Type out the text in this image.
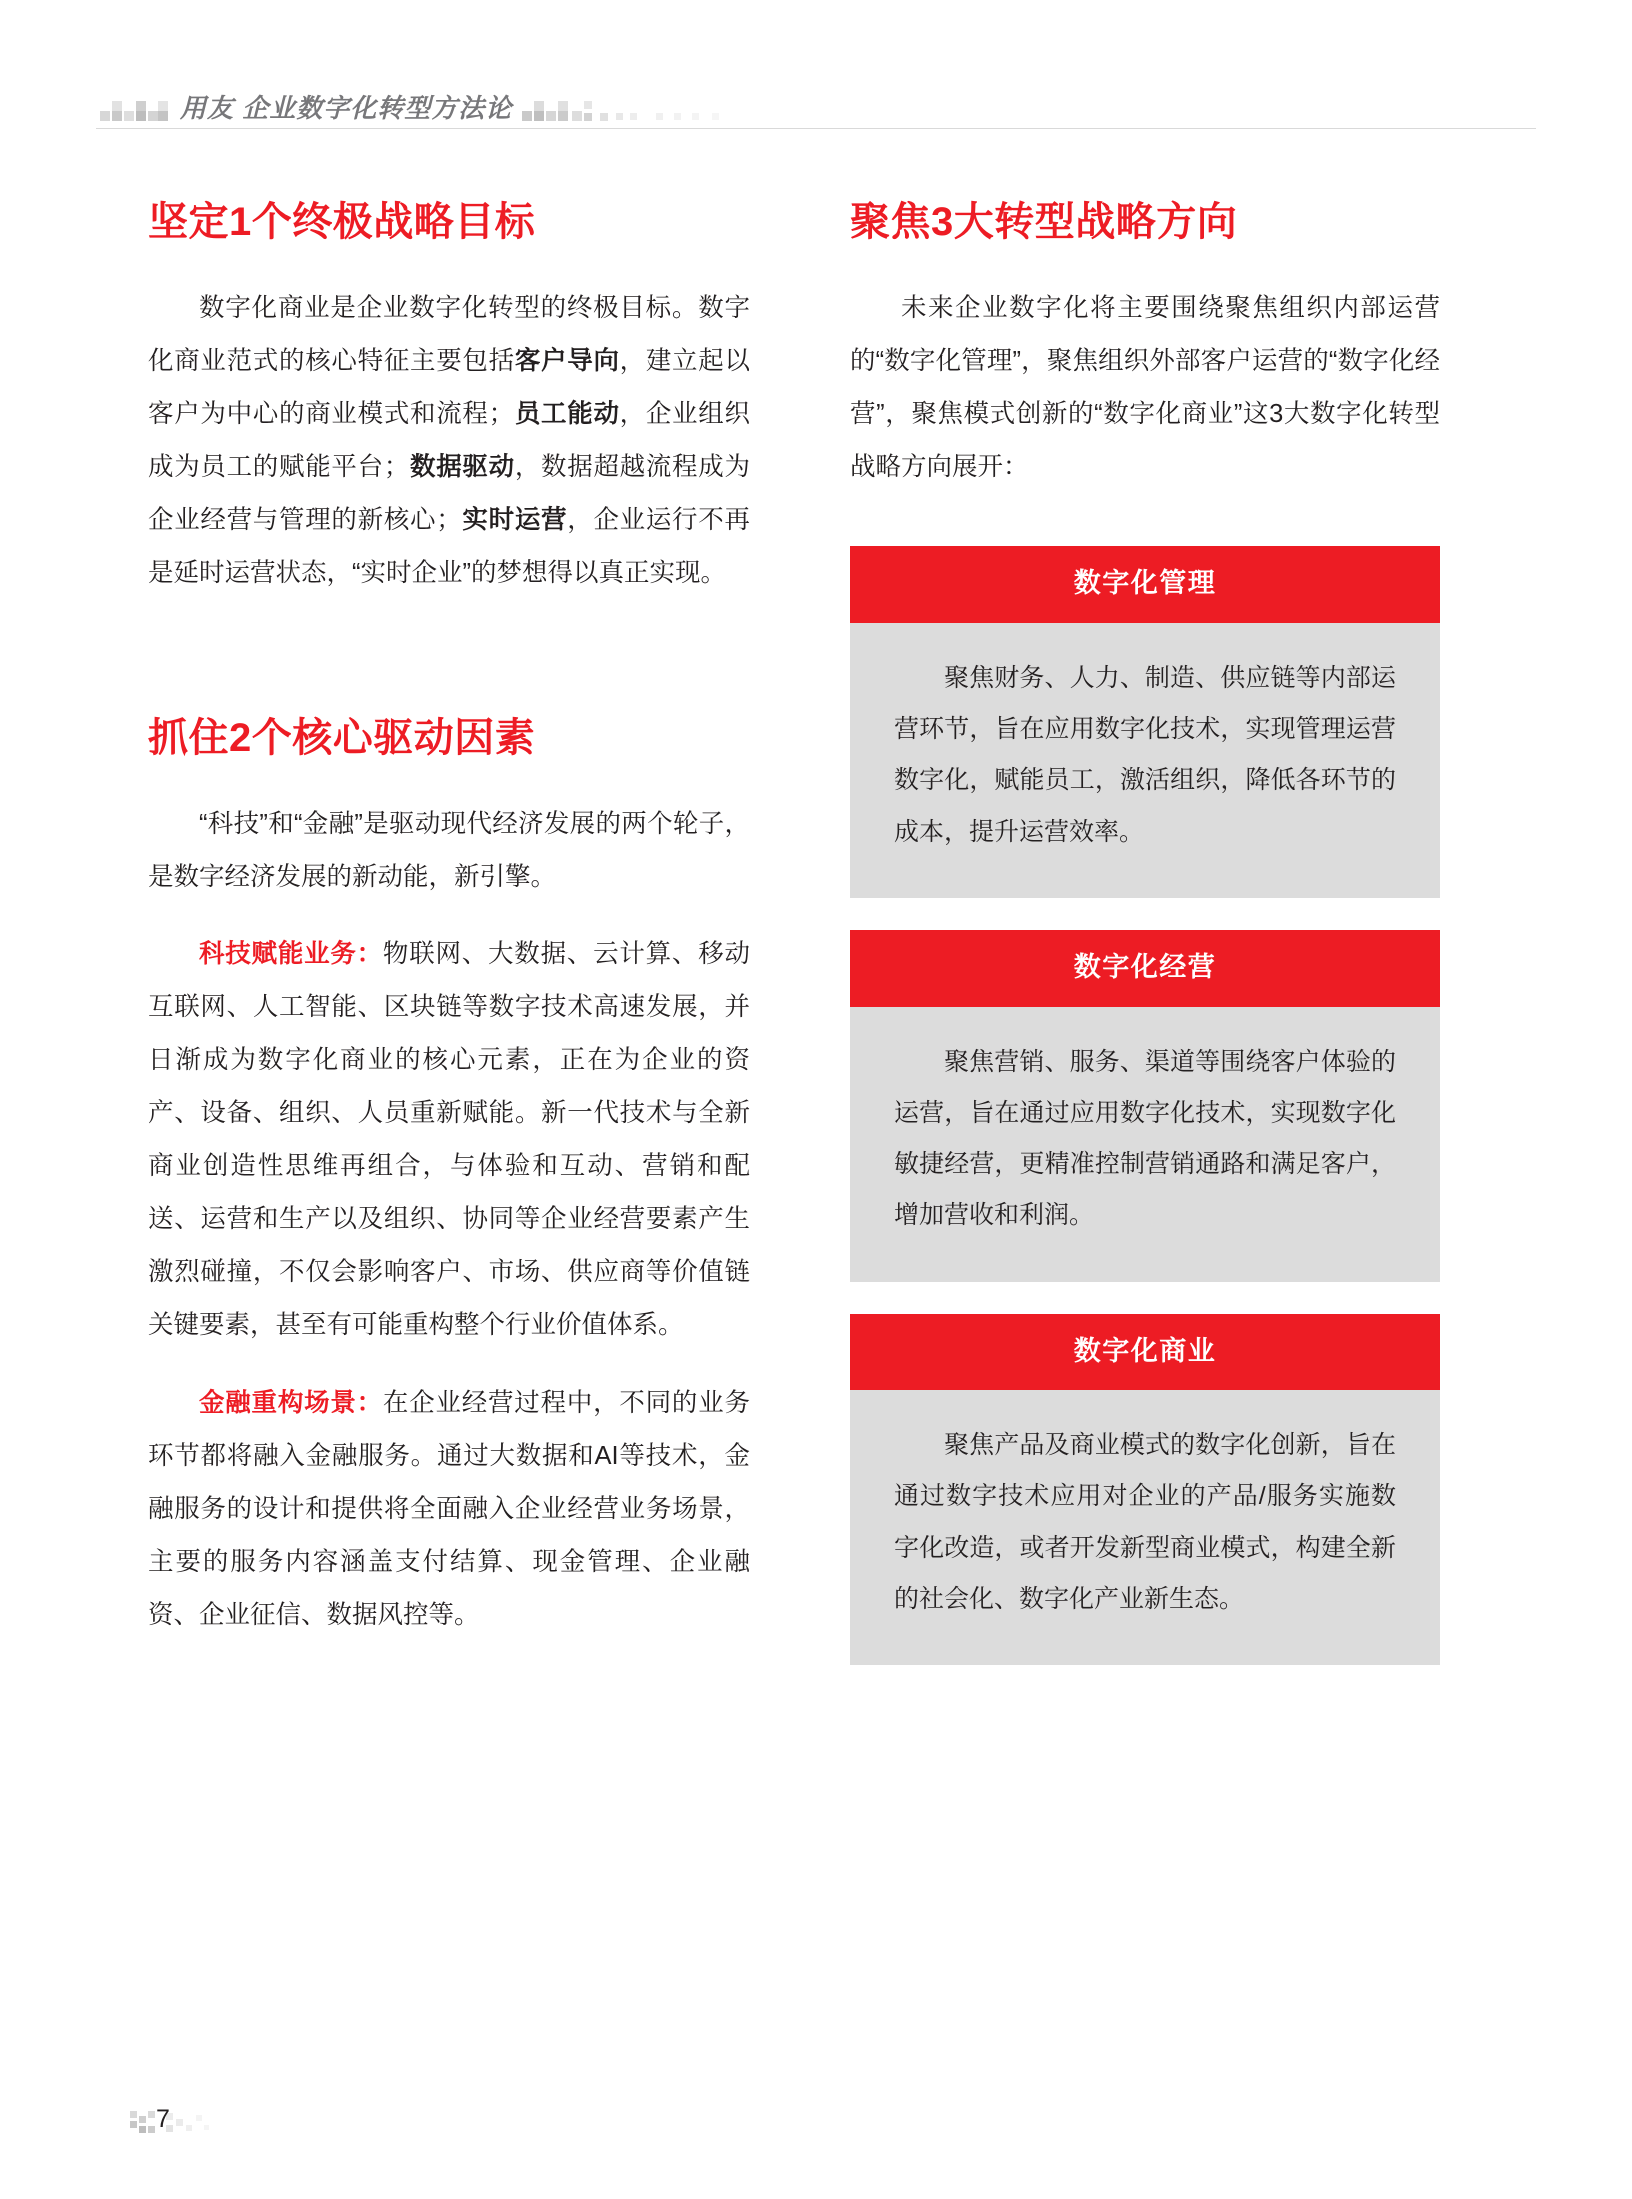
用友 企业数字化转型方法论
坚定1个终极战略目标

数字化商业是企业数字化转型的终极目标。数字化商业范式的核心特征主要包括客户导向，建立起以客户为中心的商业模式和流程；员工能动，企业组织成为员工的赋能平台；数据驱动，数据超越流程成为企业经营与管理的新核心；实时运营，企业运行不再是延时运营状态，“实时企业”的梦想得以真正实现。

抓住2个核心驱动因素

“科技”和“金融”是驱动现代经济发展的两个轮子，是数字经济发展的新动能，新引擎。

科技赋能业务：物联网、大数据、云计算、移动互联网、人工智能、区块链等数字技术高速发展，并日渐成为数字化商业的核心元素，正在为企业的资产、设备、组织、人员重新赋能。新一代技术与全新商业创造性思维再组合，与体验和互动、营销和配送、运营和生产以及组织、协同等企业经营要素产生激烈碰撞，不仅会影响客户、市场、供应商等价值链关键要素，甚至有可能重构整个行业价值体系。

金融重构场景：在企业经营过程中，不同的业务环节都将融入金融服务。通过大数据和AI等技术，金融服务的设计和提供将全面融入企业经营业务场景，主要的服务内容涵盖支付结算、现金管理、企业融资、企业征信、数据风控等。

聚焦3大转型战略方向

未来企业数字化将主要围绕聚焦组织内部运营的“数字化管理”，聚焦组织外部客户运营的“数字化经营”，聚焦模式创新的“数字化商业”这3大数字化转型战略方向展开：

数字化管理

聚焦财务、人力、制造、供应链等内部运营环节，旨在应用数字化技术，实现管理运营数字化，赋能员工，激活组织，降低各环节的成本，提升运营效率。

数字化经营

聚焦营销、服务、渠道等围绕客户体验的运营，旨在通过应用数字化技术，实现数字化敏捷经营，更精准控制营销通路和满足客户，增加营收和利润。

数字化商业

聚焦产品及商业模式的数字化创新，旨在通过数字技术应用对企业的产品/服务实施数字化改造，或者开发新型商业模式，构建全新的社会化、数字化产业新生态。

7
